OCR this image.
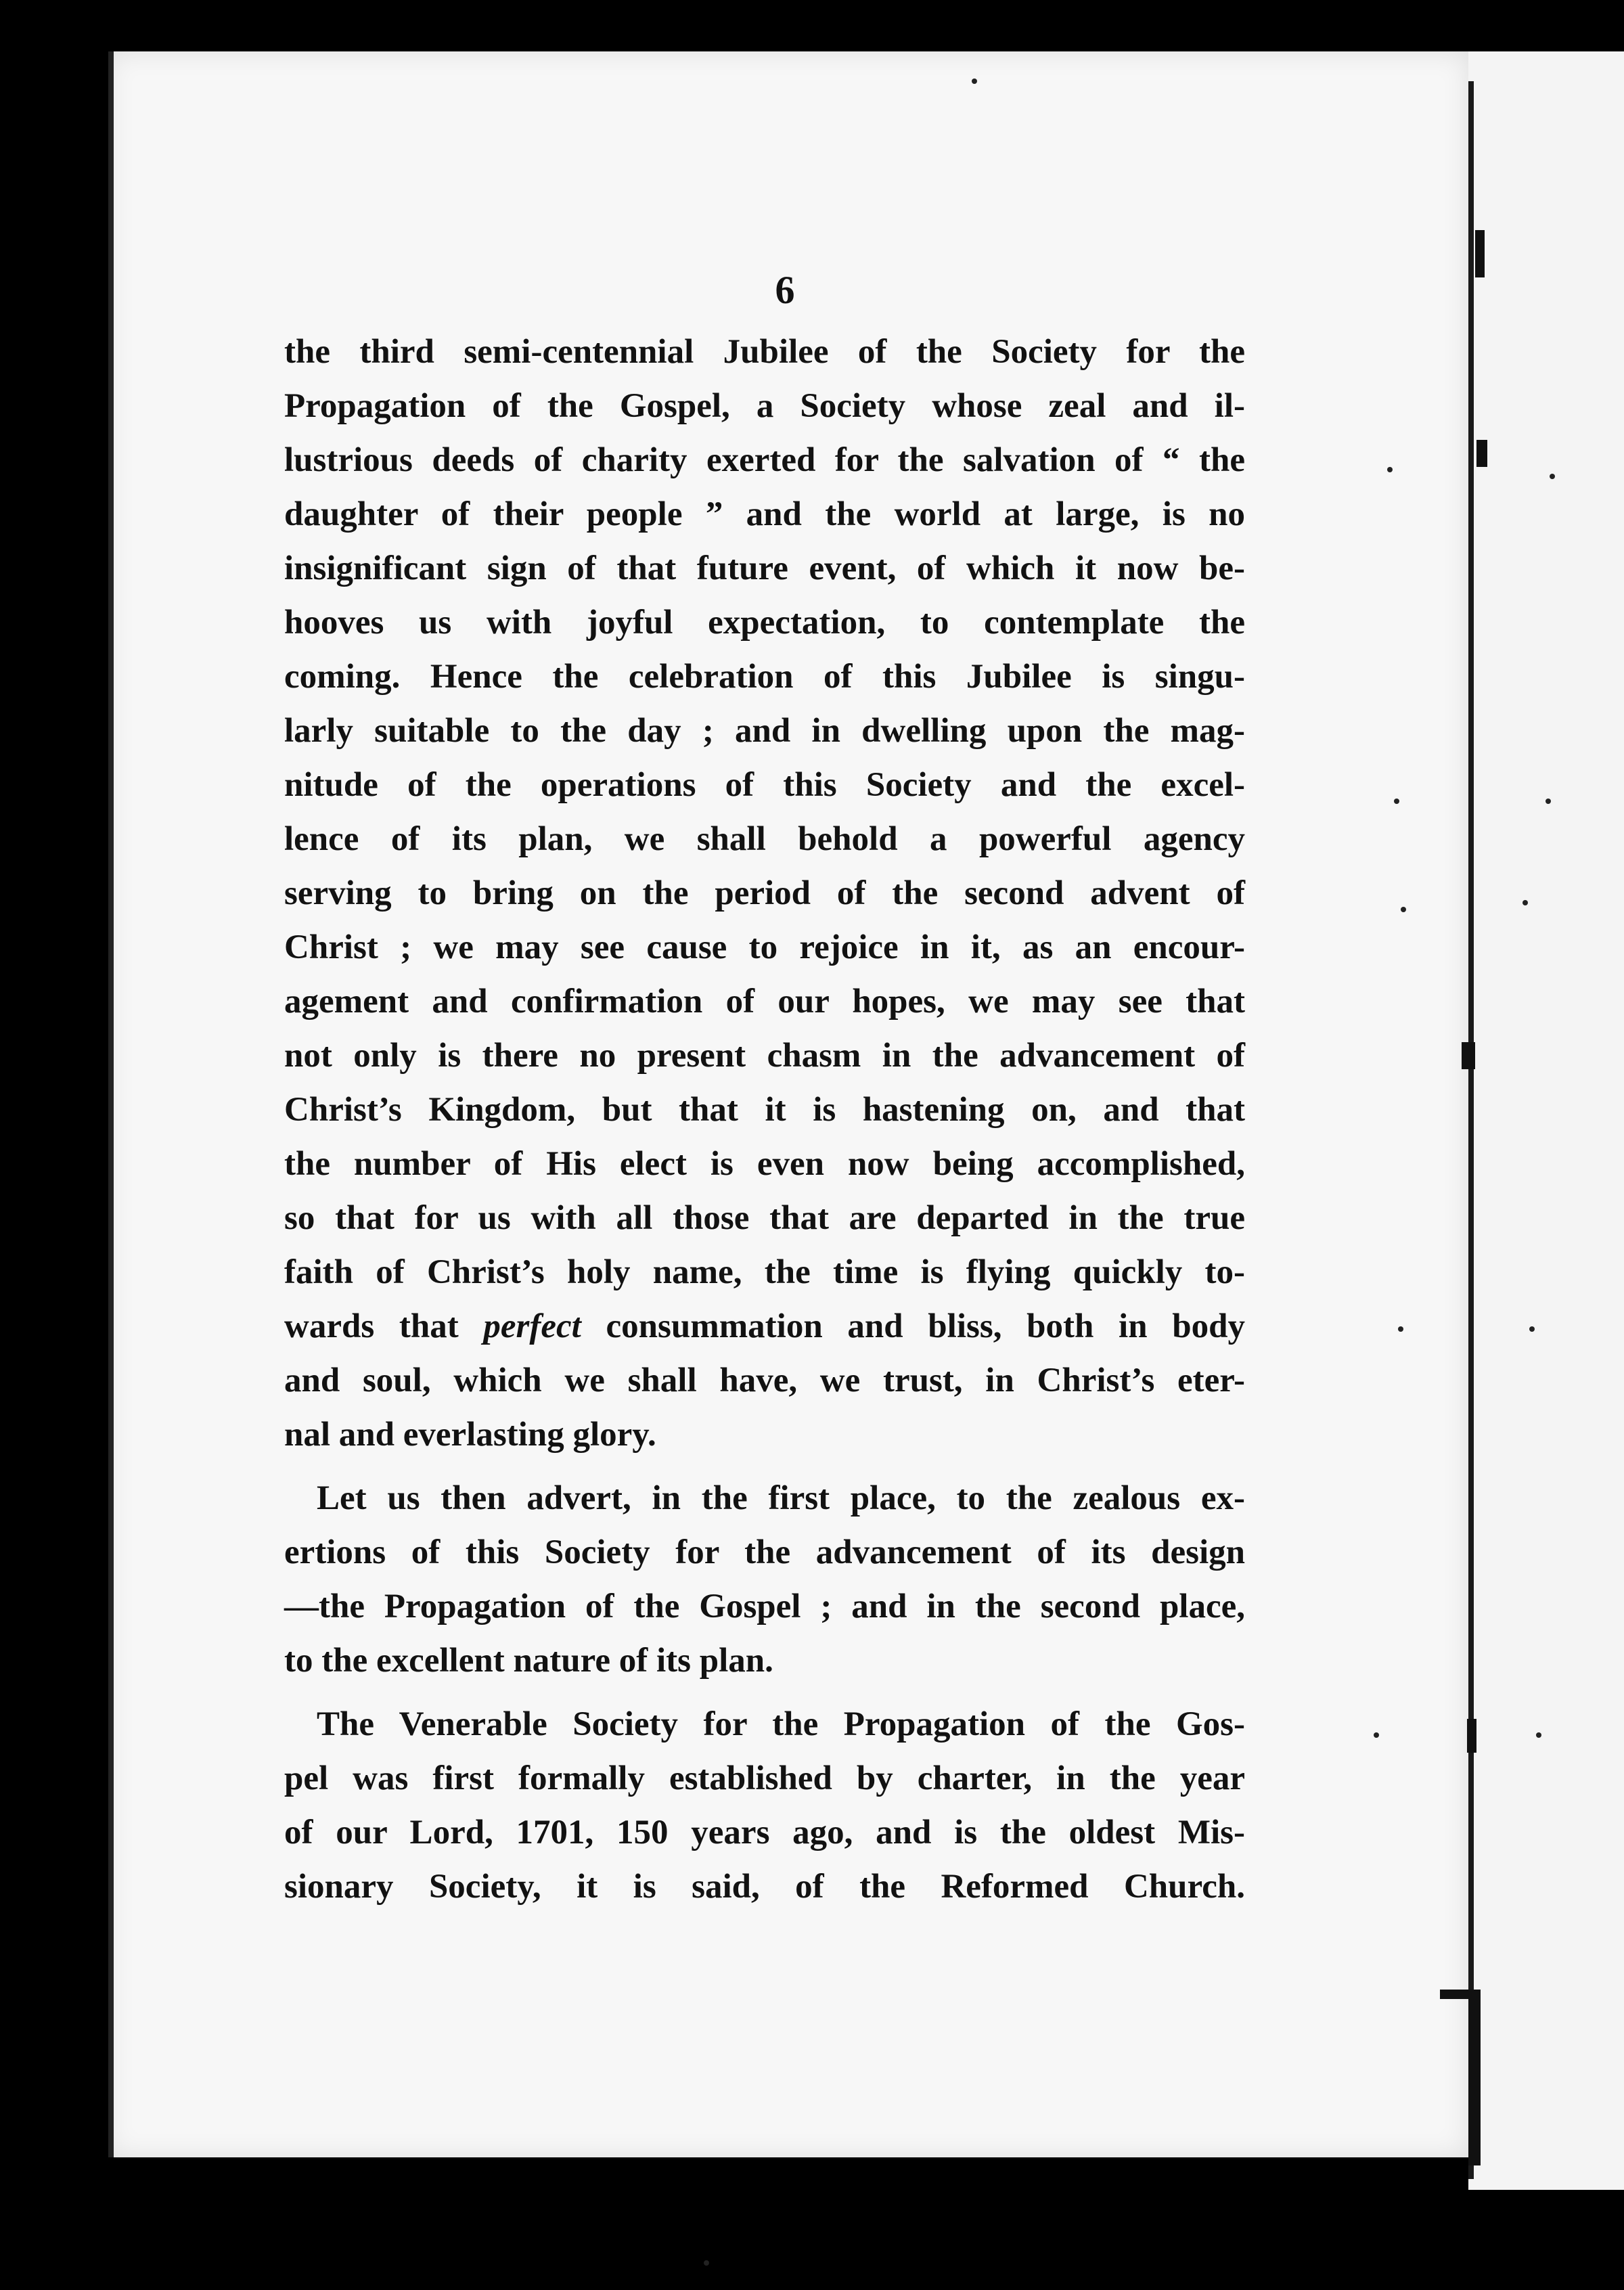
6
the third semi-centennial Jubilee of the Society for the
Propagation of the Gospel, a Society whose zeal and il-
lustrious deeds of charity exerted for the salvation of “ the
daughter of their people ” and the world at large, is no
insignificant sign of that future event, of which it now be-
hooves us with joyful expectation, to contemplate the
coming. Hence the celebration of this Jubilee is singu-
larly suitable to the day ; and in dwelling upon the mag-
nitude of the operations of this Society and the excel-
lence of its plan, we shall behold a powerful agency
serving to bring on the period of the second advent of
Christ ; we may see cause to rejoice in it, as an encour-
agement and confirmation of our hopes, we may see that
not only is there no present chasm in the advancement of
Christ’s Kingdom, but that it is hastening on, and that
the number of His elect is even now being accomplished,
so that for us with all those that are departed in the true
faith of Christ’s holy name, the time is flying quickly to-
wards that perfect consummation and bliss, both in body
and soul, which we shall have, we trust, in Christ’s eter-
nal and everlasting glory.
Let us then advert, in the first place, to the zealous ex-
ertions of this Society for the advancement of its design
—the Propagation of the Gospel ; and in the second place,
to the excellent nature of its plan.
The Venerable Society for the Propagation of the Gos-
pel was first formally established by charter, in the year
of our Lord, 1701, 150 years ago, and is the oldest Mis-
sionary Society, it is said, of the Reformed Church.
